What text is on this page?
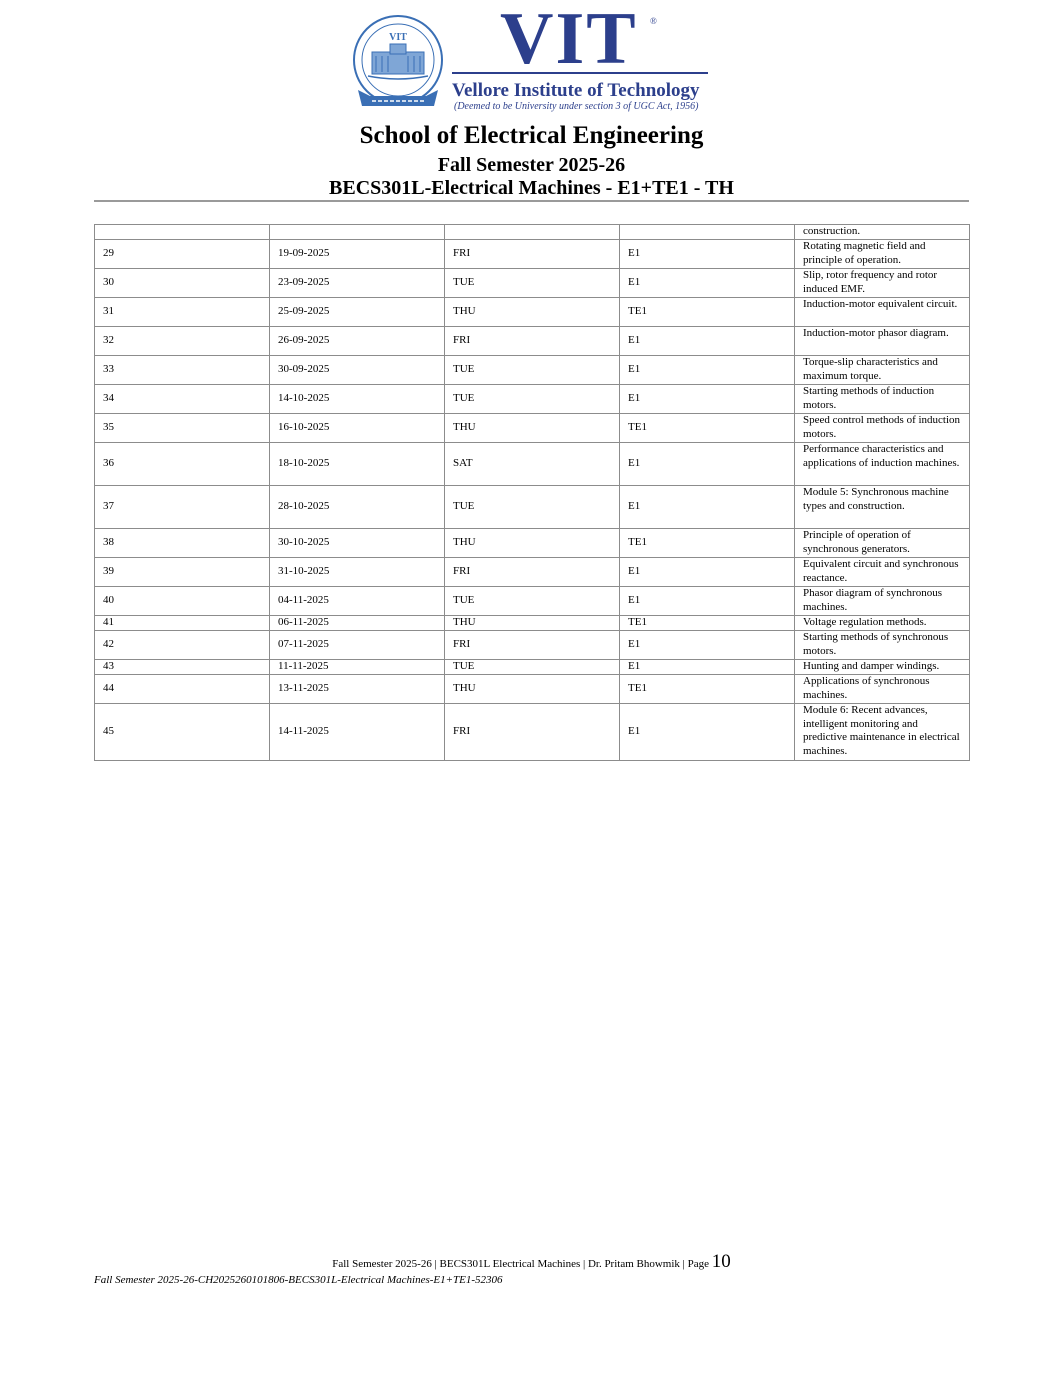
VIT VIT ®
Vellore Institute of Technology
(Deemed to be University under section 3 of UGC Act, 1956)
School of Electrical Engineering
Fall Semester 2025-26
BECS301L-Electrical Machines - E1+TE1 - TH
				construction.
29	19-09-2025	FRI	E1	Rotating magnetic field and principle of operation.
30	23-09-2025	TUE	E1	Slip, rotor frequency and rotor induced EMF.
31	25-09-2025	THU	TE1	Induction-motor equivalent circuit.
32	26-09-2025	FRI	E1	Induction-motor phasor diagram.
33	30-09-2025	TUE	E1	Torque-slip characteristics and maximum torque.
34	14-10-2025	TUE	E1	Starting methods of induction motors.
35	16-10-2025	THU	TE1	Speed control methods of induction motors.
36	18-10-2025	SAT	E1	Performance characteristics and applications of induction machines.
37	28-10-2025	TUE	E1	Module 5: Synchronous machine types and construction.
38	30-10-2025	THU	TE1	Principle of operation of synchronous generators.
39	31-10-2025	FRI	E1	Equivalent circuit and synchronous reactance.
40	04-11-2025	TUE	E1	Phasor diagram of synchronous machines.
41	06-11-2025	THU	TE1	Voltage regulation methods.
42	07-11-2025	FRI	E1	Starting methods of synchronous motors.
43	11-11-2025	TUE	E1	Hunting and damper windings.
44	13-11-2025	THU	TE1	Applications of synchronous machines.
45	14-11-2025	FRI	E1	Module 6: Recent advances, intelligent monitoring and predictive maintenance in electrical machines.
Fall Semester 2025-26 | BECS301L Electrical Machines | Dr. Pritam Bhowmik | Page 10
Fall Semester 2025-26-CH2025260101806-BECS301L-Electrical Machines-E1+TE1-52306
